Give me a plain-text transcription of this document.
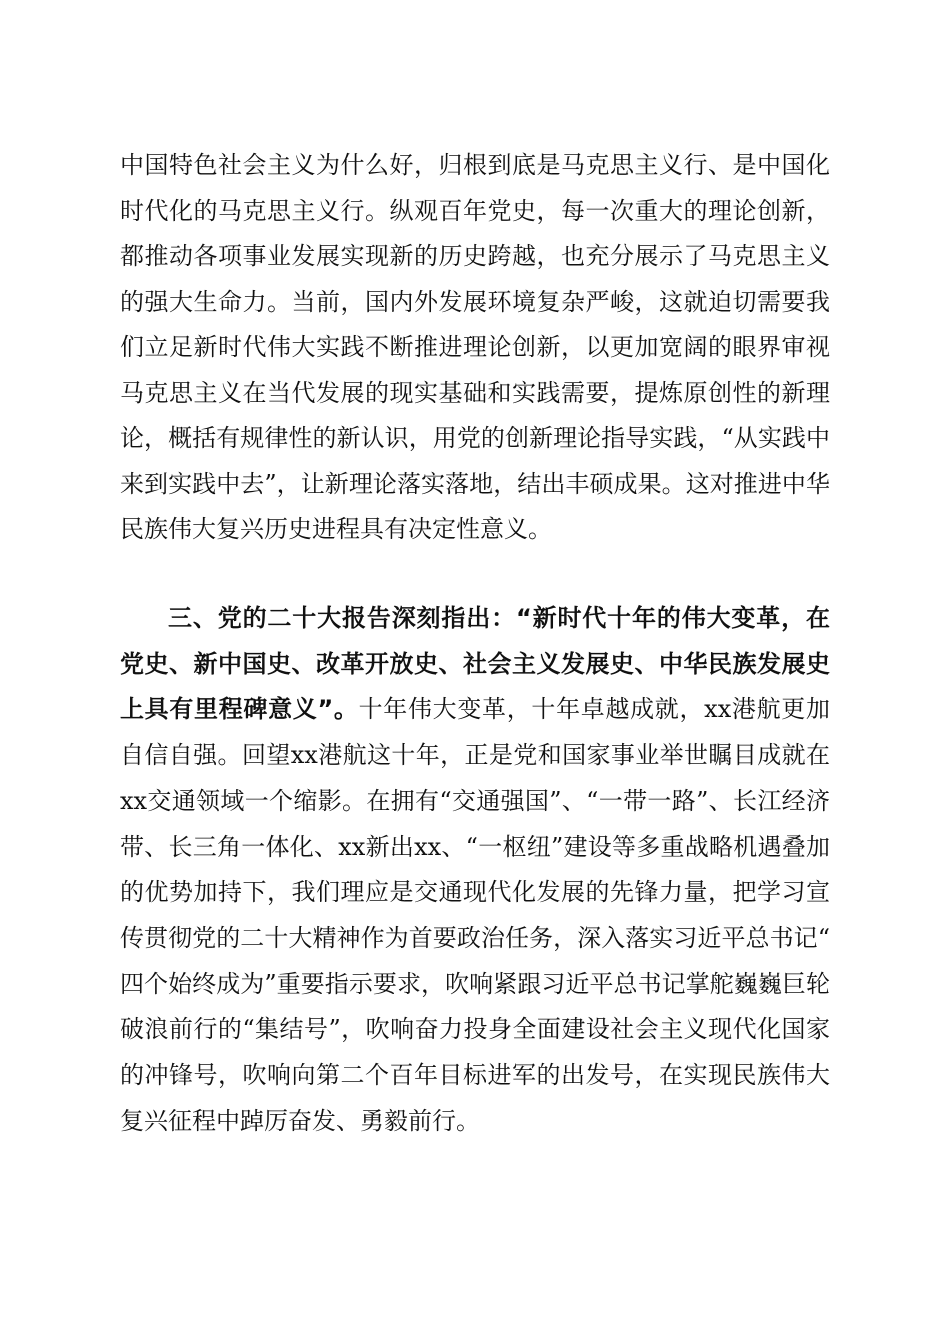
中国特色社会主义为什么好，归根到底是马克思主义行、是中国化时代化的马克思主义行。纵观百年党史，每一次重大的理论创新，都推动各项事业发展实现新的历史跨越，也充分展示了马克思主义的强大生命力。当前，国内外发展环境复杂严峻，这就迫切需要我们立足新时代伟大实践不断推进理论创新，以更加宽阔的眼界审视马克思主义在当代发展的现实基础和实践需要，提炼原创性的新理论，概括有规律性的新认识，用党的创新理论指导实践，“从实践中来到实践中去”，让新理论落实落地，结出丰硕成果。这对推进中华民族伟大复兴历史进程具有决定性意义。

三、党的二十大报告深刻指出：“新时代十年的伟大变革，在党史、新中国史、改革开放史、社会主义发展史、中华民族发展史上具有里程碑意义”。十年伟大变革，十年卓越成就，xx港航更加自信自强。回望xx港航这十年，正是党和国家事业举世瞩目成就在xx交通领域一个缩影。在拥有“交通强国”、“一带一路”、长江经济带、长三角一体化、xx新出xx、“一枢纽”建设等多重战略机遇叠加的优势加持下，我们理应是交通现代化发展的先锋力量，把学习宣传贯彻党的二十大精神作为首要政治任务，深入落实习近平总书记“四个始终成为”重要指示要求，吹响紧跟习近平总书记掌舵巍巍巨轮破浪前行的“集结号”，吹响奋力投身全面建设社会主义现代化国家的冲锋号，吹响向第二个百年目标进军的出发号，在实现民族伟大复兴征程中踔厉奋发、勇毅前行。
